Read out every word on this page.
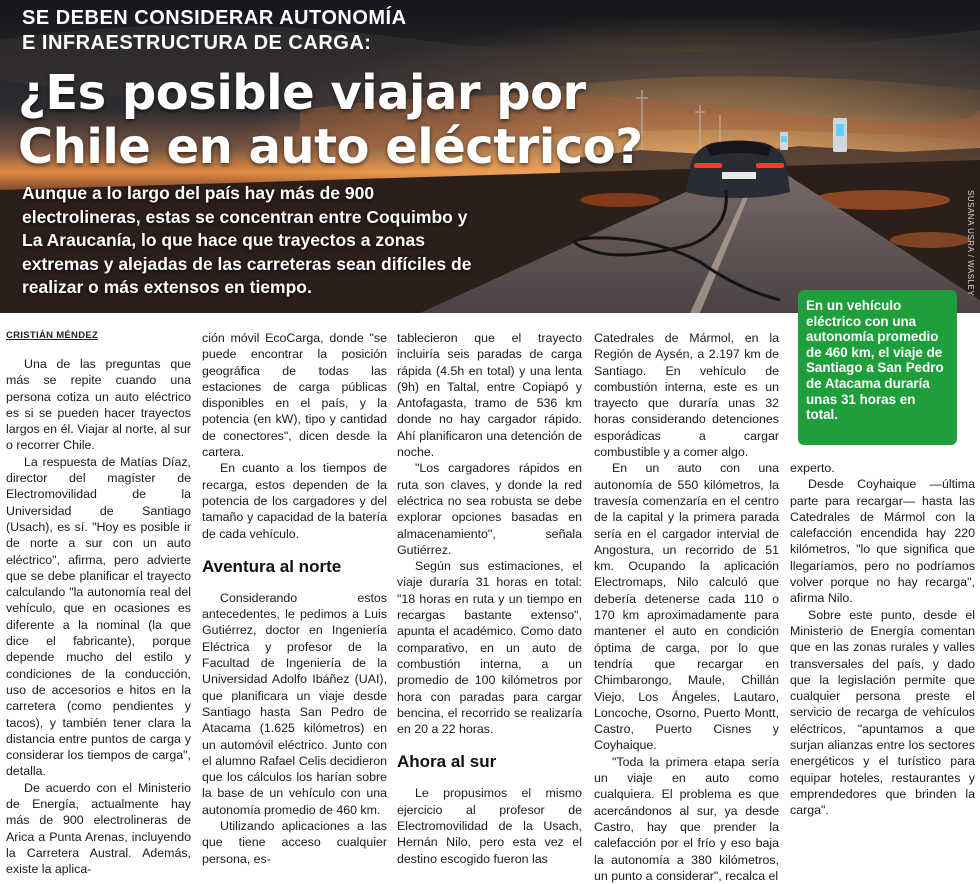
SE DEBEN CONSIDERAR AUTONOMÍA
E INFRAESTRUCTURA DE CARGA:
¿Es posible viajar por
Chile en auto eléctrico?

Aunque a lo largo del país hay más de 900 electrolineras, estas se concentran entre Coquimbo y La Araucanía, lo que hace que trayectos a zonas extremas y alejadas de las carreteras sean difíciles de realizar o más extensos en tiempo.	SUSANA USRA / WASLEY

En un vehículo eléctrico con una autonomía promedio de 460 km, el viaje de Santiago a San Pedro de Atacama duraría unas 31 horas en total.

CRISTIÁN MÉNDEZ

Una de las preguntas que más se repite cuando una persona cotiza un auto eléctrico es si se pueden hacer trayectos largos en él. Viajar al norte, al sur o recorrer Chile.

La respuesta de Matías Díaz, director del magíster de Electromovilidad de la Universidad de Santiago (Usach), es sí. "Hoy es posible ir de norte a sur con un auto eléctrico", afirma, pero advierte que se debe planificar el trayecto calculando "la autonomía real del vehículo, que en ocasiones es diferente a la nominal (la que dice el fabricante), porque depende mucho del estilo y condiciones de la conducción, uso de accesorios e hitos en la carretera (como pendientes y tacos), y también tener clara la distancia entre puntos de carga y considerar los tiempos de carga", detalla.

De acuerdo con el Ministerio de Energía, actualmente hay más de 900 electrolineras de Arica a Punta Arenas, incluyendo la Carretera Austral. Además, existe la aplica-

ción móvil EcoCarga, donde "se puede encontrar la posición geográfica de todas las estaciones de carga públicas disponibles en el país, y la potencia (en kW), tipo y cantidad de conectores", dicen desde la cartera.

En cuanto a los tiempos de recarga, estos dependen de la potencia de los cargadores y del tamaño y capacidad de la batería de cada vehículo.

Aventura al norte

Considerando estos antecedentes, le pedimos a Luis Gutiérrez, doctor en Ingeniería Eléctrica y profesor de la Facultad de Ingeniería de la Universidad Adolfo Ibáñez (UAI), que planificara un viaje desde Santiago hasta San Pedro de Atacama (1.625 kilómetros) en un automóvil eléctrico. Junto con el alumno Rafael Celis decidieron que los cálculos los harían sobre la base de un vehículo con una autonomía promedio de 460 km.

Utilizando aplicaciones a las que tiene acceso cualquier persona, es-

tablecieron que el trayecto incluiría seis paradas de carga rápida (4.5h en total) y una lenta (9h) en Taltal, entre Copiapó y Antofagasta, tramo de 536 km donde no hay cargador rápido. Ahí planificaron una detención de noche.

"Los cargadores rápidos en ruta son claves, y donde la red eléctrica no sea robusta se debe explorar opciones basadas en almacenamiento", señala Gutiérrez.

Según sus estimaciones, el viaje duraría 31 horas en total: "18 horas en ruta y un tiempo en recargas bastante extenso", apunta el académico. Como dato comparativo, en un auto de combustión interna, a un promedio de 100 kilómetros por hora con paradas para cargar bencina, el recorrido se realizaría en 20 a 22 horas.

Ahora al sur

Le propusimos el mismo ejercicio al profesor de Electromovilidad de la Usach, Hernán Nilo, pero esta vez el destino escogido fueron las

Catedrales de Mármol, en la Región de Aysén, a 2.197 km de Santiago. En vehículo de combustión interna, este es un trayecto que duraría unas 32 horas considerando detenciones esporádicas a cargar combustible y a comer algo.

En un auto con una autonomía de 550 kilómetros, la travesía comenzaría en el centro de la capital y la primera parada sería en el cargador intervial de Angostura, un recorrido de 51 km. Ocupando la aplicación Electromaps, Nilo calculó que debería detenerse cada 110 o 170 km aproximadamente para mantener el auto en condición óptima de carga, por lo que tendría que recargar en Chimbarongo, Maule, Chillán Viejo, Los Ángeles, Lautaro, Loncoche, Osorno, Puerto Montt, Castro, Puerto Cisnes y Coyhaique.

"Toda la primera etapa sería un viaje en auto como cualquiera. El problema es que acercándonos al sur, ya desde Castro, hay que prender la calefacción por el frío y eso baja la autonomía a 380 kilómetros, un punto a considerar", recalca el

experto.

Desde Coyhaique —última parte para recargar— hasta las Catedrales de Mármol con la calefacción encendida hay 220 kilómetros, "lo que significa que llegaríamos, pero no podríamos volver porque no hay recarga", afirma Nilo.

Sobre este punto, desde el Ministerio de Energía comentan que en las zonas rurales y valles transversales del país, y dado que la legislación permite que cualquier persona preste el servicio de recarga de vehículos eléctricos, "apuntamos a que surjan alianzas entre los sectores energéticos y el turístico para equipar hoteles, restaurantes y emprendedores que brinden la carga".
